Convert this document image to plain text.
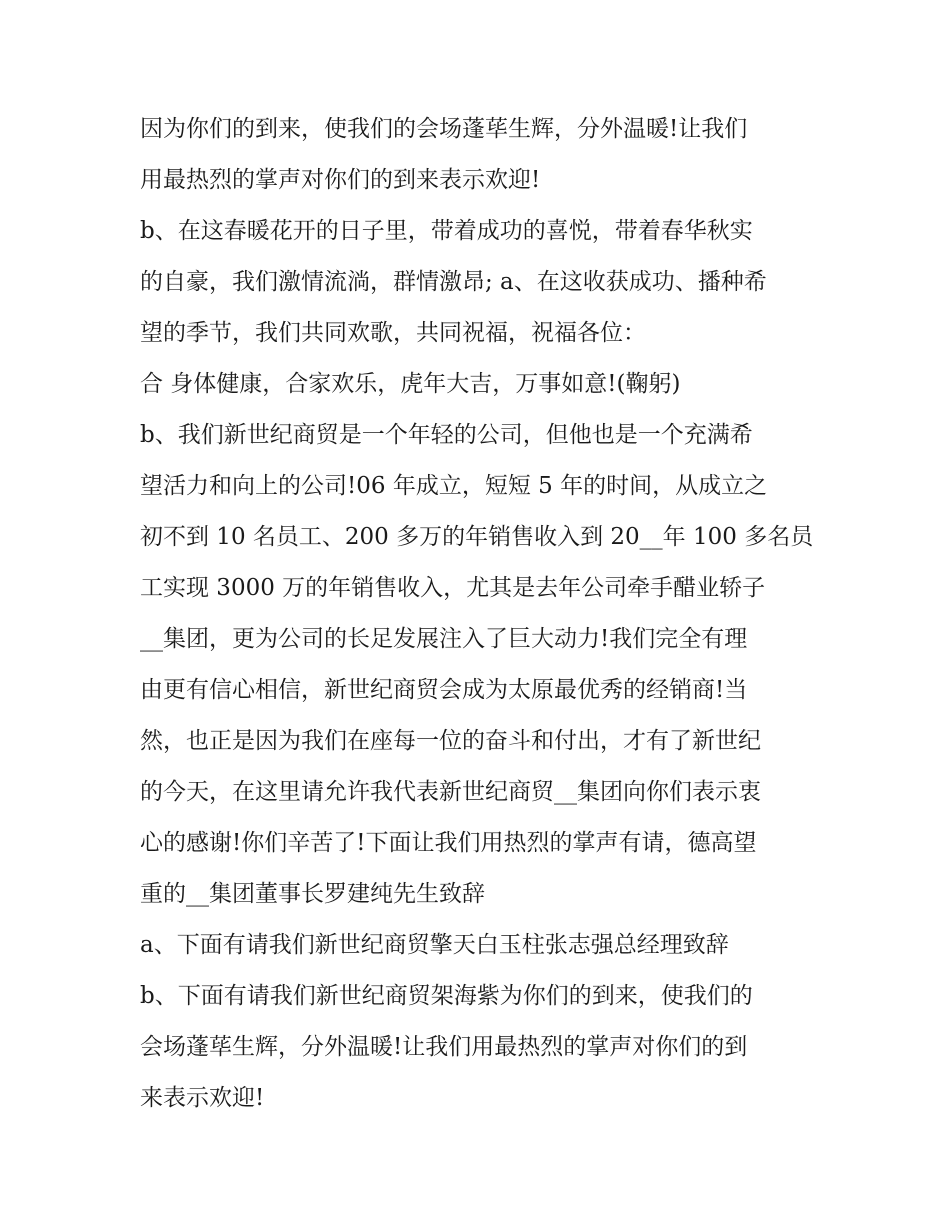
因为你们的到来，使我们的会场蓬荜生辉，分外温暖!让我们
用最热烈的掌声对你们的到来表示欢迎!
b、在这春暖花开的日子里，带着成功的喜悦，带着春华秋实
的自豪，我们激情流淌，群情激昂; a、在这收获成功、播种希
望的季节，我们共同欢歌，共同祝福，祝福各位：
合 身体健康，合家欢乐，虎年大吉，万事如意!(鞠躬)
b、我们新世纪商贸是一个年轻的公司，但他也是一个充满希
望活力和向上的公司!06 年成立，短短 5 年的时间，从成立之
初不到 10 名员工、200 多万的年销售收入到 20__年 100 多名员
工实现 3000 万的年销售收入，尤其是去年公司牵手醋业轿子
__集团，更为公司的长足发展注入了巨大动力!我们完全有理
由更有信心相信，新世纪商贸会成为太原最优秀的经销商!当
然，也正是因为我们在座每一位的奋斗和付出，才有了新世纪
的今天，在这里请允许我代表新世纪商贸__集团向你们表示衷
心的感谢!你们辛苦了!下面让我们用热烈的掌声有请，德高望
重的__集团董事长罗建纯先生致辞
a、下面有请我们新世纪商贸擎天白玉柱张志强总经理致辞
b、下面有请我们新世纪商贸架海紫为你们的到来，使我们的
会场蓬荜生辉，分外温暖!让我们用最热烈的掌声对你们的到
来表示欢迎!
